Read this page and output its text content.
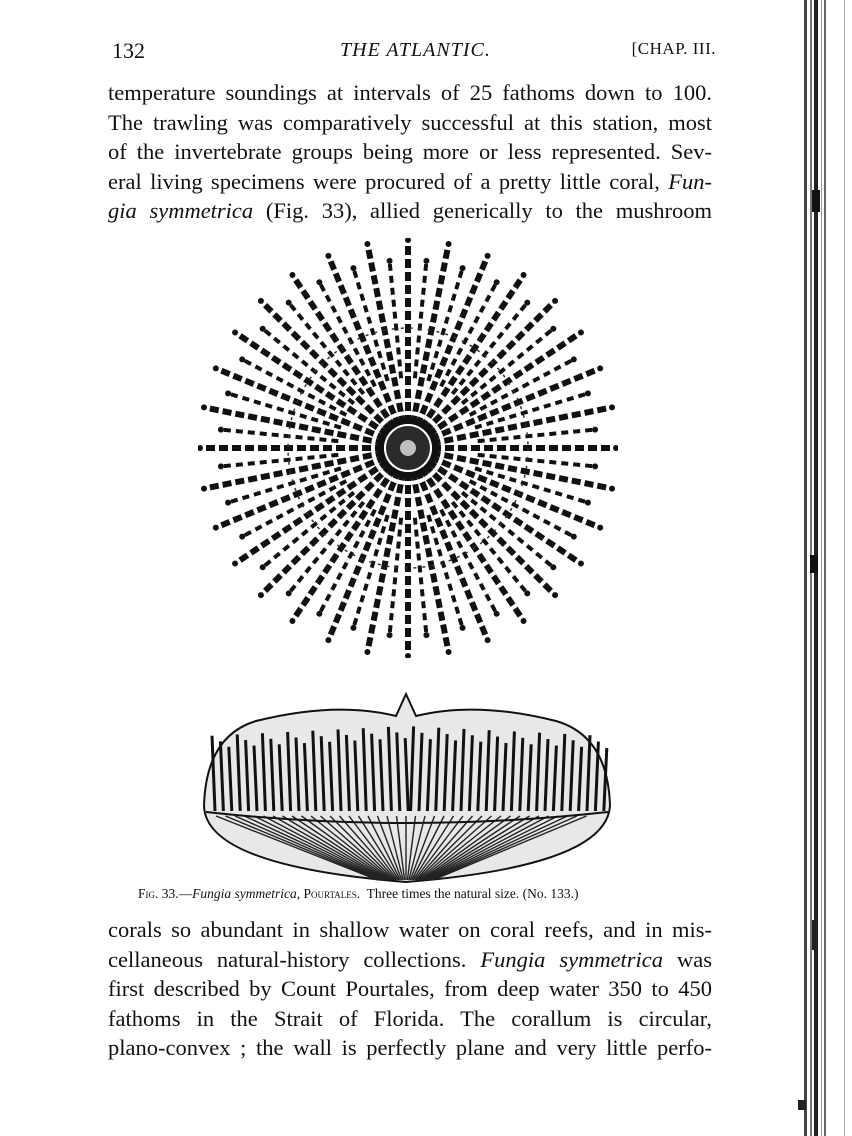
132	THE ATLANTIC.	[CHAP. III.

temperature soundings at intervals of 25 fathoms down to 100.
The trawling was comparatively successful at this station, most
of the invertebrate groups being more or less represented. Sev-
eral living specimens were procured of a pretty little coral, Fun-
gia symmetrica (Fig. 33), allied generically to the mushroom

Fig. 33.—Fungia symmetrica, Pourtales. Three times the natural size. (No. 133.)

corals so abundant in shallow water on coral reefs, and in mis-
cellaneous natural-history collections. Fungia symmetrica was
first described by Count Pourtales, from deep water 350 to 450
fathoms in the Strait of Florida. The corallum is circular,
plano-convex ; the wall is perfectly plane and very little perfo-
